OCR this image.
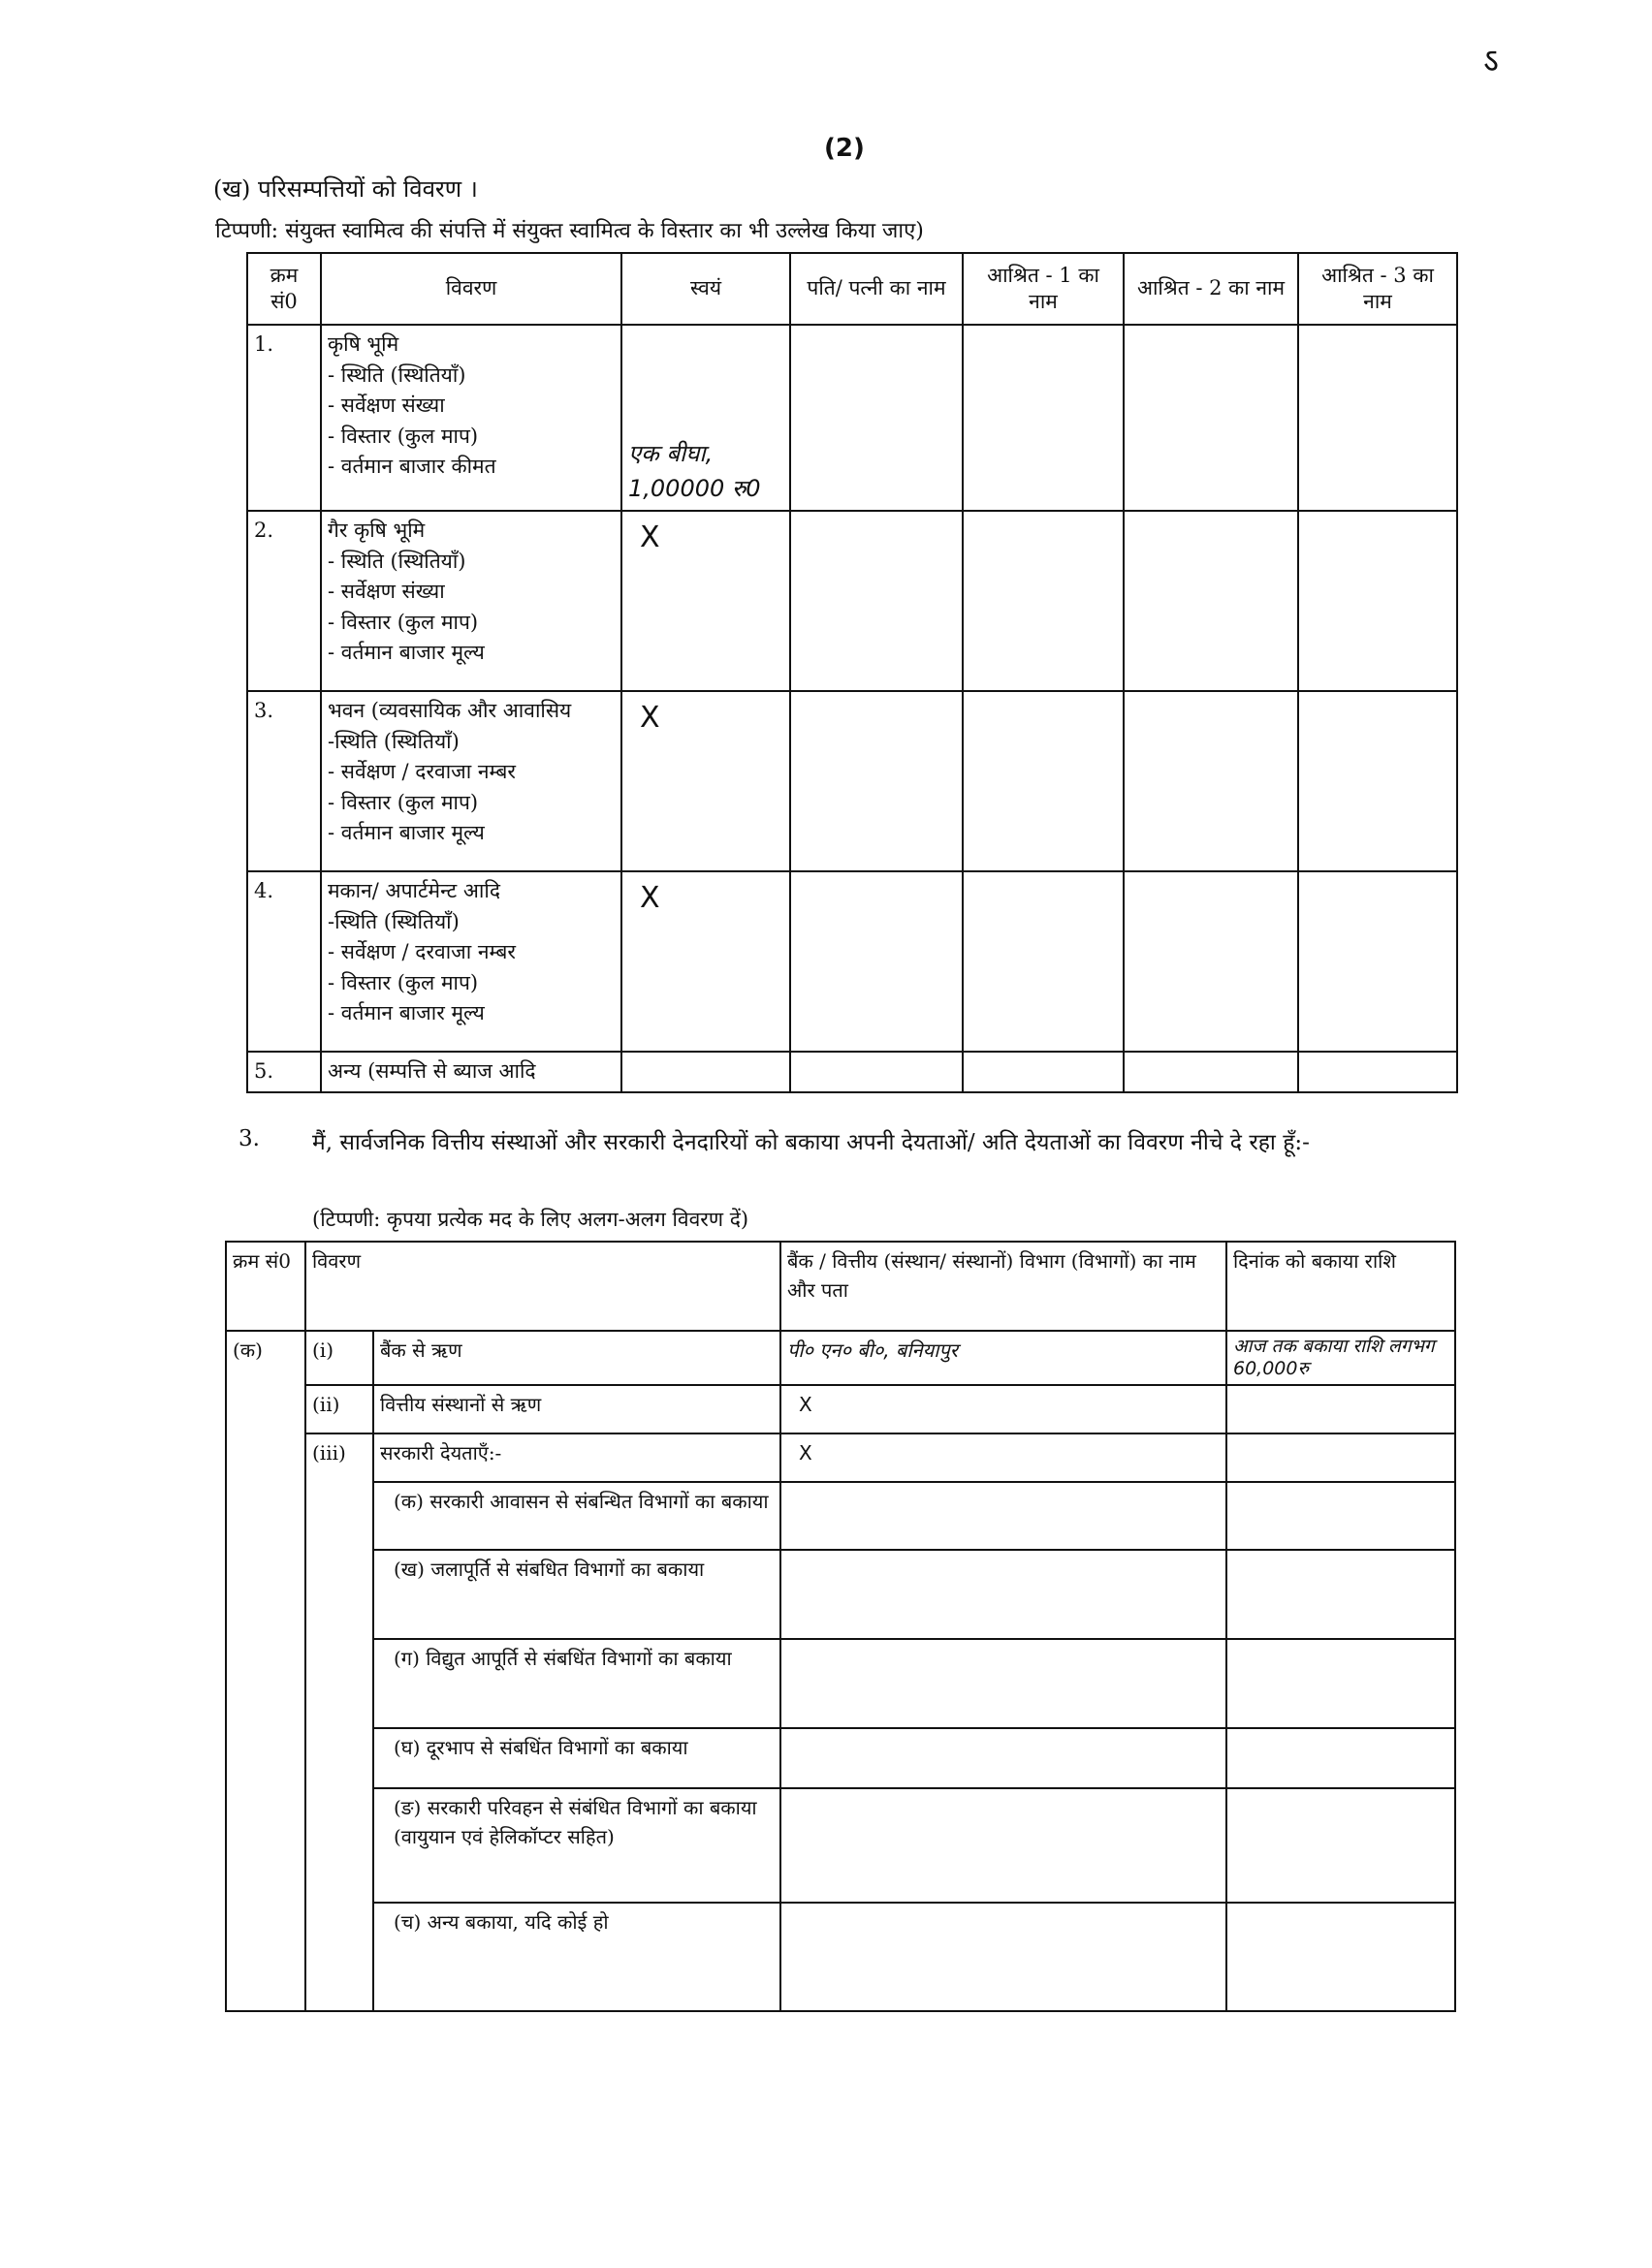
(2)
ऽ
(ख) परिसम्पत्तियों को विवरण ।
टिप्पणी: संयुक्त स्वामित्व की संपत्ति में संयुक्त स्वामित्व के विस्तार का भी उल्लेख किया जाए)
क्रम सं0	विवरण	स्वयं	पति/ पत्नी का नाम	आश्रित - 1 का नाम	आश्रित - 2 का नाम	आश्रित - 3 का नाम
1.	कृषि भूमि
- स्थिति (स्थितियाँ)
- सर्वेक्षण संख्या
- विस्तार (कुल माप)
- वर्तमान बाजार कीमत	एक बीघा, 1,00000 रु0				
2.	गैर कृषि भूमि
- स्थिति (स्थितियाँ)
- सर्वेक्षण संख्या
- विस्तार (कुल माप)
- वर्तमान बाजार मूल्य	X				
3.	भवन (व्यवसायिक और आवासिय
-स्थिति (स्थितियाँ)
- सर्वेक्षण / दरवाजा नम्बर
- विस्तार (कुल माप)
- वर्तमान बाजार मूल्य	X				
4.	मकान/ अपार्टमेन्ट आदि
-स्थिति (स्थितियाँ)
- सर्वेक्षण / दरवाजा नम्बर
- विस्तार (कुल माप)
- वर्तमान बाजार मूल्य	X				
5.	अन्य (सम्पत्ति से ब्याज आदि					

3. मैं, सार्वजनिक वित्तीय संस्थाओं और सरकारी देनदारियों को बकाया अपनी देयताओं/ अति देयताओं का विवरण नीचे दे रहा हूँ:-
(टिप्पणी: कृपया प्रत्येक मद के लिए अलग-अलग विवरण दें)
क्रम सं0	विवरण		बैंक / वित्तीय (संस्थान/ संस्थानों) विभाग (विभागों) का नाम और पता	दिनांक को बकाया राशि
(क)	(i)	बैंक से ऋण	पी० एन० बी०, बनियापुर	आज तक बकाया राशि लगभग 60,000रु
	(ii)	वित्तीय संस्थानों से ऋण	X	
	(iii)	सरकारी देयताएँ:-	X	
		(क) सरकारी आवासन से संबन्धित विभागों का बकाया		
		(ख) जलापूर्ति से संबधित विभागों का बकाया		
		(ग) विद्युत आपूर्ति से संबधिंत विभागों का बकाया		
		(घ) दूरभाप से संबधिंत विभागों का बकाया		
		(ङ) सरकारी परिवहन से संबंधित विभागों का बकाया (वायुयान एवं हेलिकॉप्टर सहित)		
		(च) अन्य बकाया, यदि कोई हो		
